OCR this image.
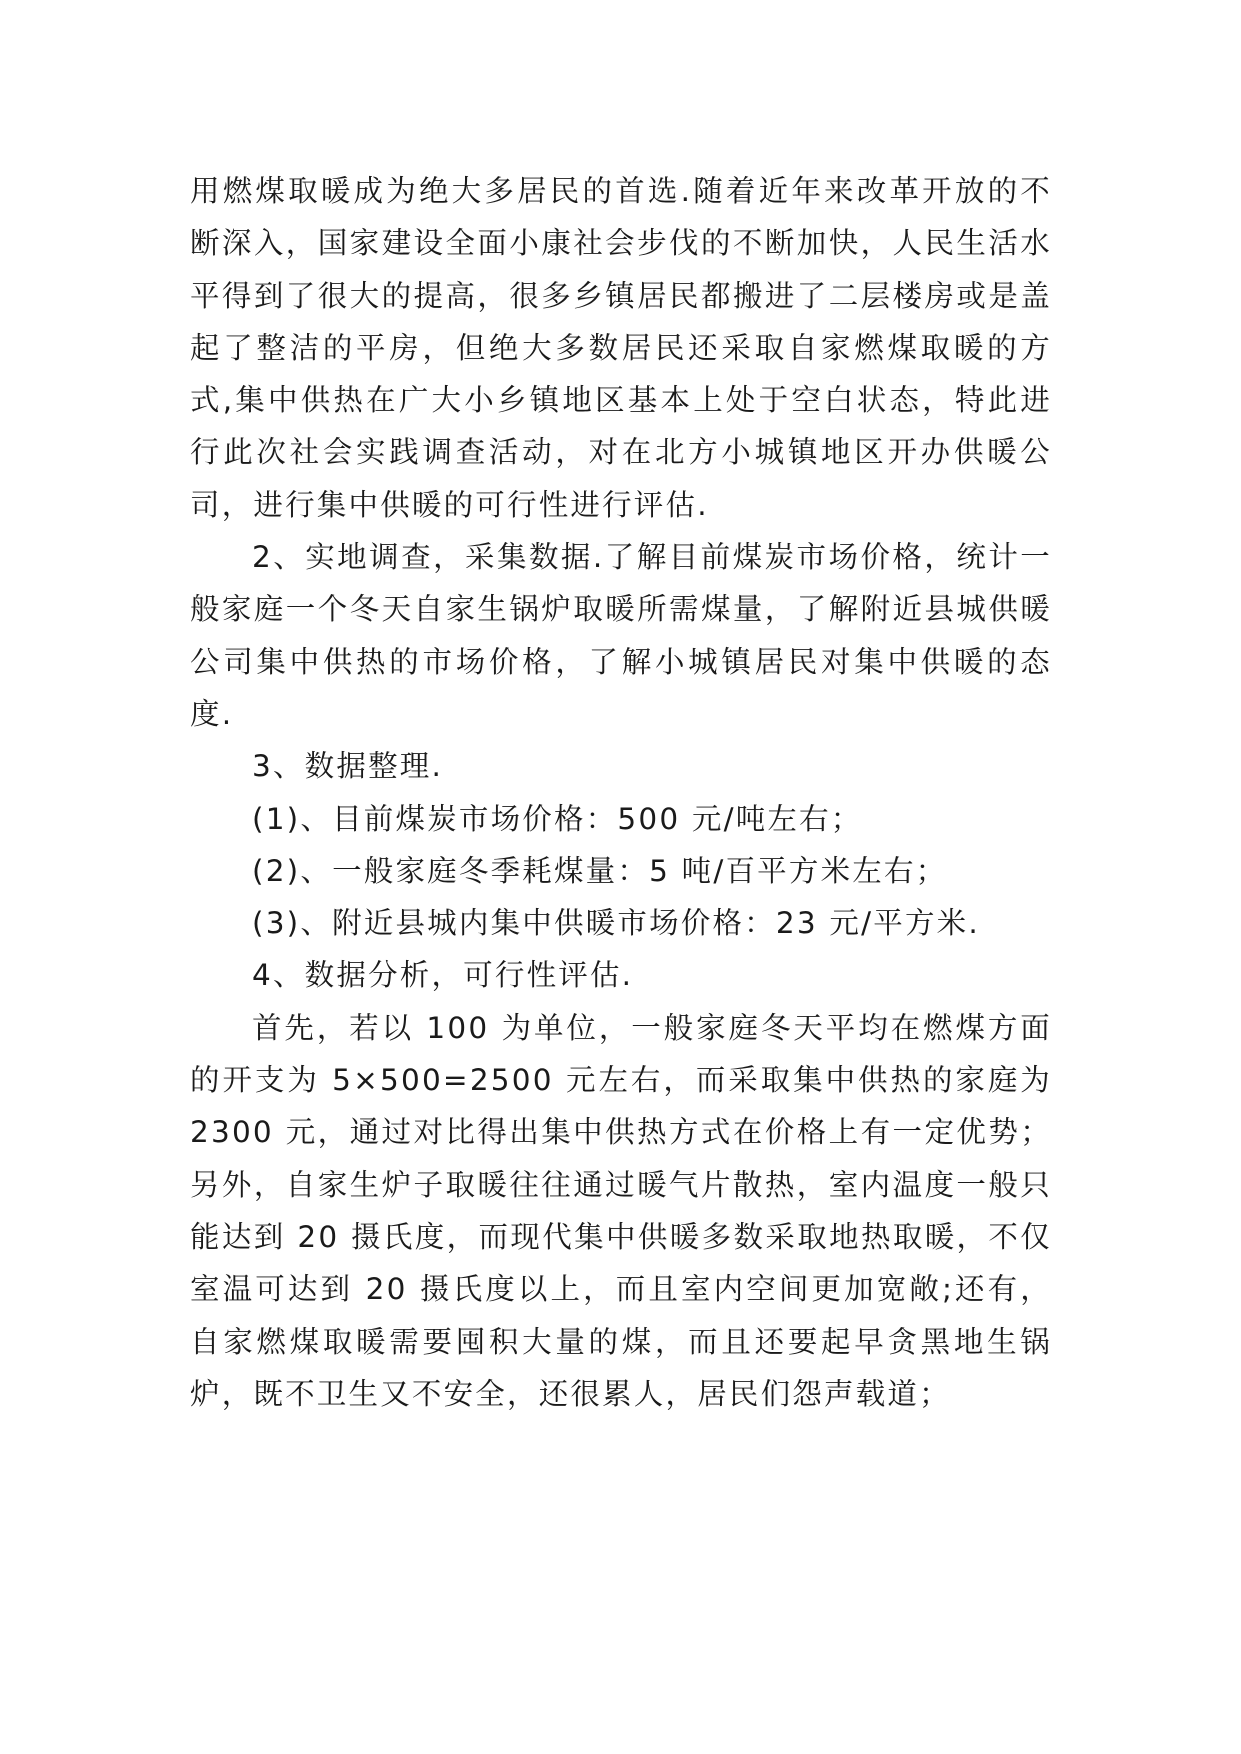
用燃煤取暖成为绝大多居民的首选.随着近年来改革开放的不断深入，国家建设全面小康社会步伐的不断加快，人民生活水平得到了很大的提高，很多乡镇居民都搬进了二层楼房或是盖起了整洁的平房，但绝大多数居民还采取自家燃煤取暖的方式,集中供热在广大小乡镇地区基本上处于空白状态，特此进行此次社会实践调查活动，对在北方小城镇地区开办供暖公司，进行集中供暖的可行性进行评估.

2、实地调查，采集数据.了解目前煤炭市场价格，统计一般家庭一个冬天自家生锅炉取暖所需煤量，了解附近县城供暖公司集中供热的市场价格，了解小城镇居民对集中供暖的态度.

3、数据整理.

(1)、目前煤炭市场价格：500 元/吨左右；

(2)、一般家庭冬季耗煤量：5 吨/百平方米左右；

(3)、附近县城内集中供暖市场价格：23 元/平方米.

4、数据分析，可行性评估.

首先，若以 100 为单位，一般家庭冬天平均在燃煤方面的开支为 5×500=2500 元左右，而采取集中供热的家庭为 2300 元，通过对比得出集中供热方式在价格上有一定优势；另外，自家生炉子取暖往往通过暖气片散热，室内温度一般只能达到 20 摄氏度，而现代集中供暖多数采取地热取暖，不仅室温可达到 20 摄氏度以上，而且室内空间更加宽敞;还有，自家燃煤取暖需要囤积大量的煤，而且还要起早贪黑地生锅炉，既不卫生又不安全，还很累人，居民们怨声载道；
